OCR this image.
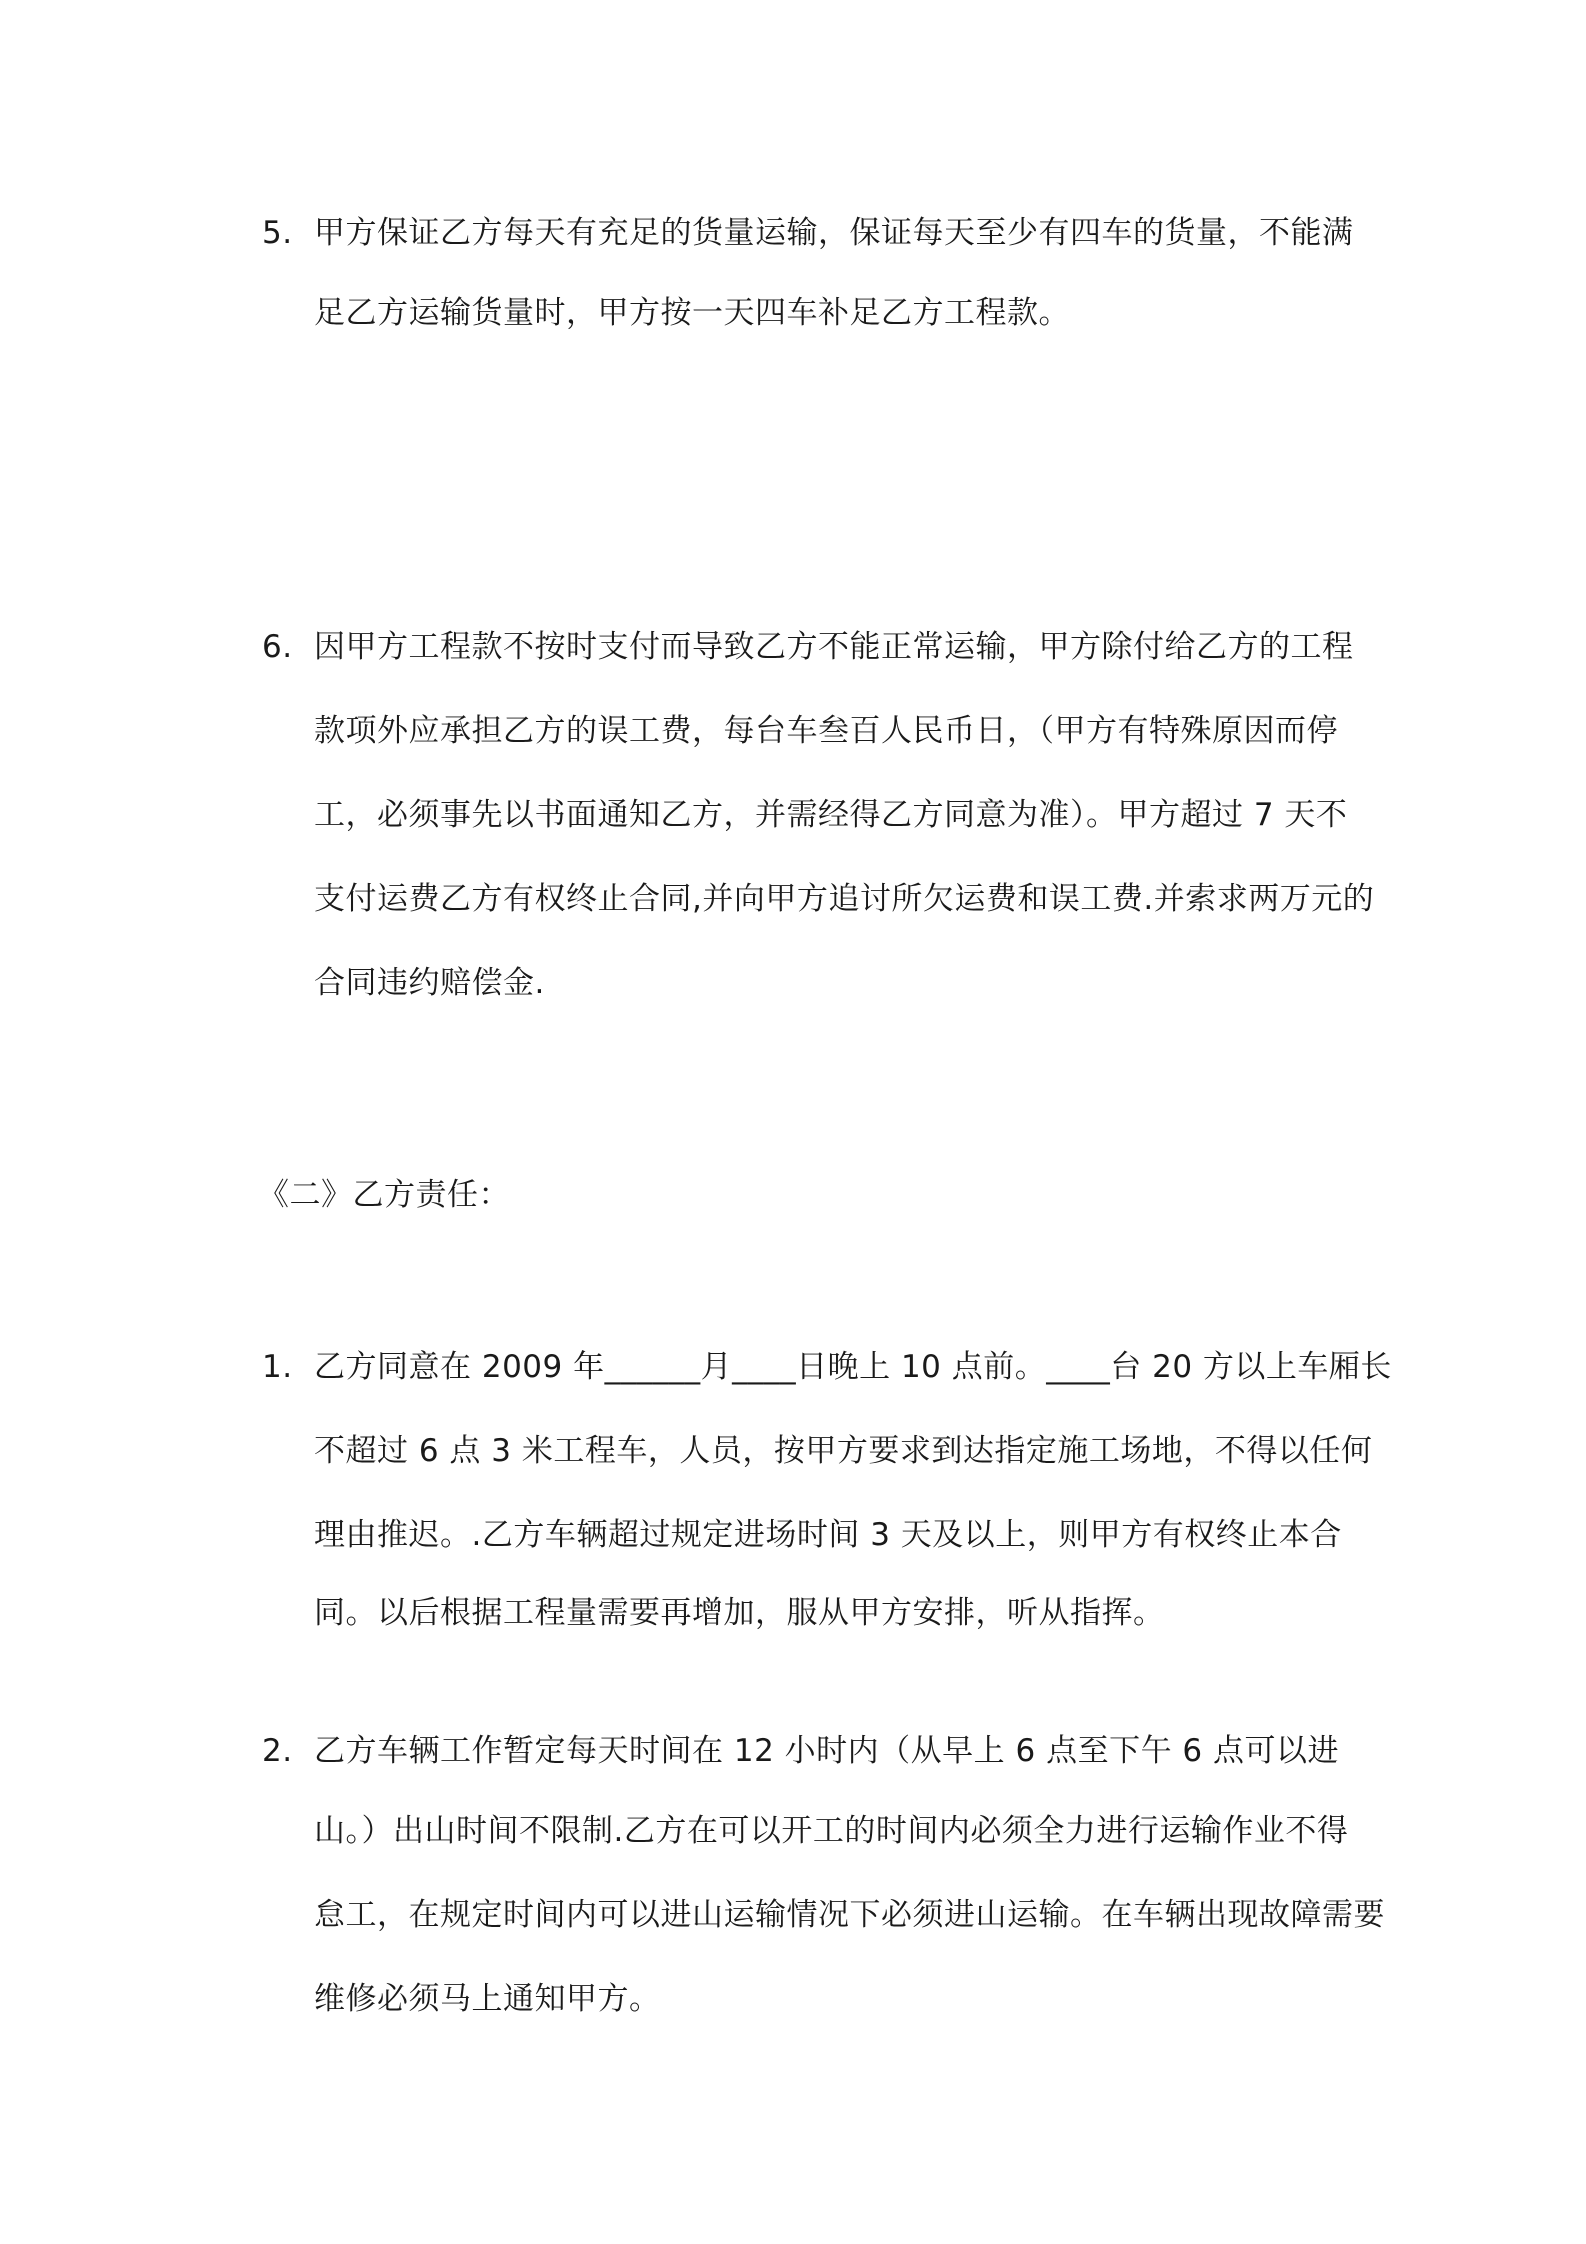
5. 甲方保证乙方每天有充足的货量运输，保证每天至少有四车的货量，不能满
足乙方运输货量时，甲方按一天四车补足乙方工程款。
6. 因甲方工程款不按时支付而导致乙方不能正常运输，甲方除付给乙方的工程
款项外应承担乙方的误工费，每台车叁百人民币日，（甲方有特殊原因而停
工，必须事先以书面通知乙方，并需经得乙方同意为准）。甲方超过 7 天不
支付运费乙方有权终止合同,并向甲方追讨所欠运费和误工费.并索求两万元的
合同违约赔偿金.
《二》乙方责任：
1. 乙方同意在 2009 年______月____日晚上 10 点前。____台 20 方以上车厢长
不超过 6 点 3 米工程车，人员，按甲方要求到达指定施工场地，不得以任何
理由推迟。.乙方车辆超过规定进场时间 3 天及以上，则甲方有权终止本合
同。以后根据工程量需要再增加，服从甲方安排，听从指挥。
2. 乙方车辆工作暂定每天时间在 12 小时内（从早上 6 点至下午 6 点可以进
山。）出山时间不限制.乙方在可以开工的时间内必须全力进行运输作业不得
怠工，在规定时间内可以进山运输情况下必须进山运输。在车辆出现故障需要
维修必须马上通知甲方。
